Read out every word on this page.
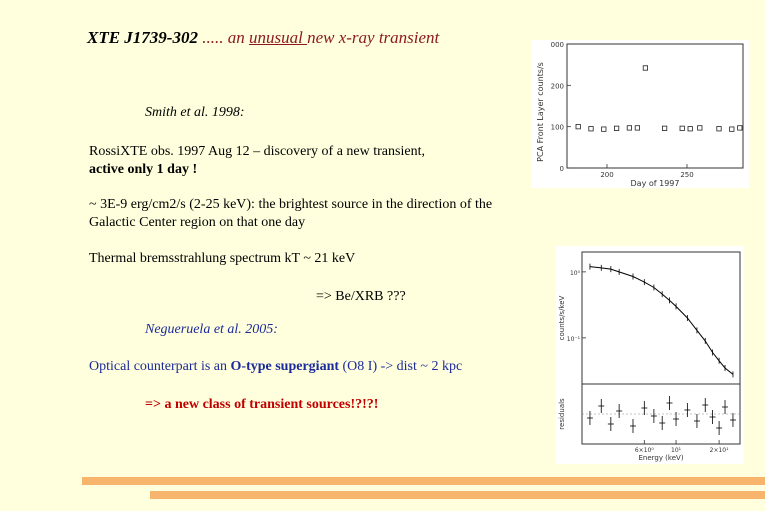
XTE J1739-302 ..... an unusual new x-ray transient
Smith et al. 1998:
RossiXTE obs. 1997 Aug 12 – discovery of a new transient,
active only 1 day !
~ 3E-9 erg/cm2/s (2-25 keV): the brightest source in the direction of the
Galactic Center region on that one day
Thermal bremsstrahlung spectrum kT ~ 21 keV
=> Be/XRB ???
Negueruela et al. 2005:
Optical counterpart is an O-type supergiant (O8 I) -> dist ~ 2 kpc
=> a new class of transient sources!?!?!
000
200
100
0
200	250
PCA Front Layer counts/s
Day of 1997
10⁰
10⁻¹
6×10⁰	10¹	2×10¹
counts/s/keV
residuals
Energy (keV)
